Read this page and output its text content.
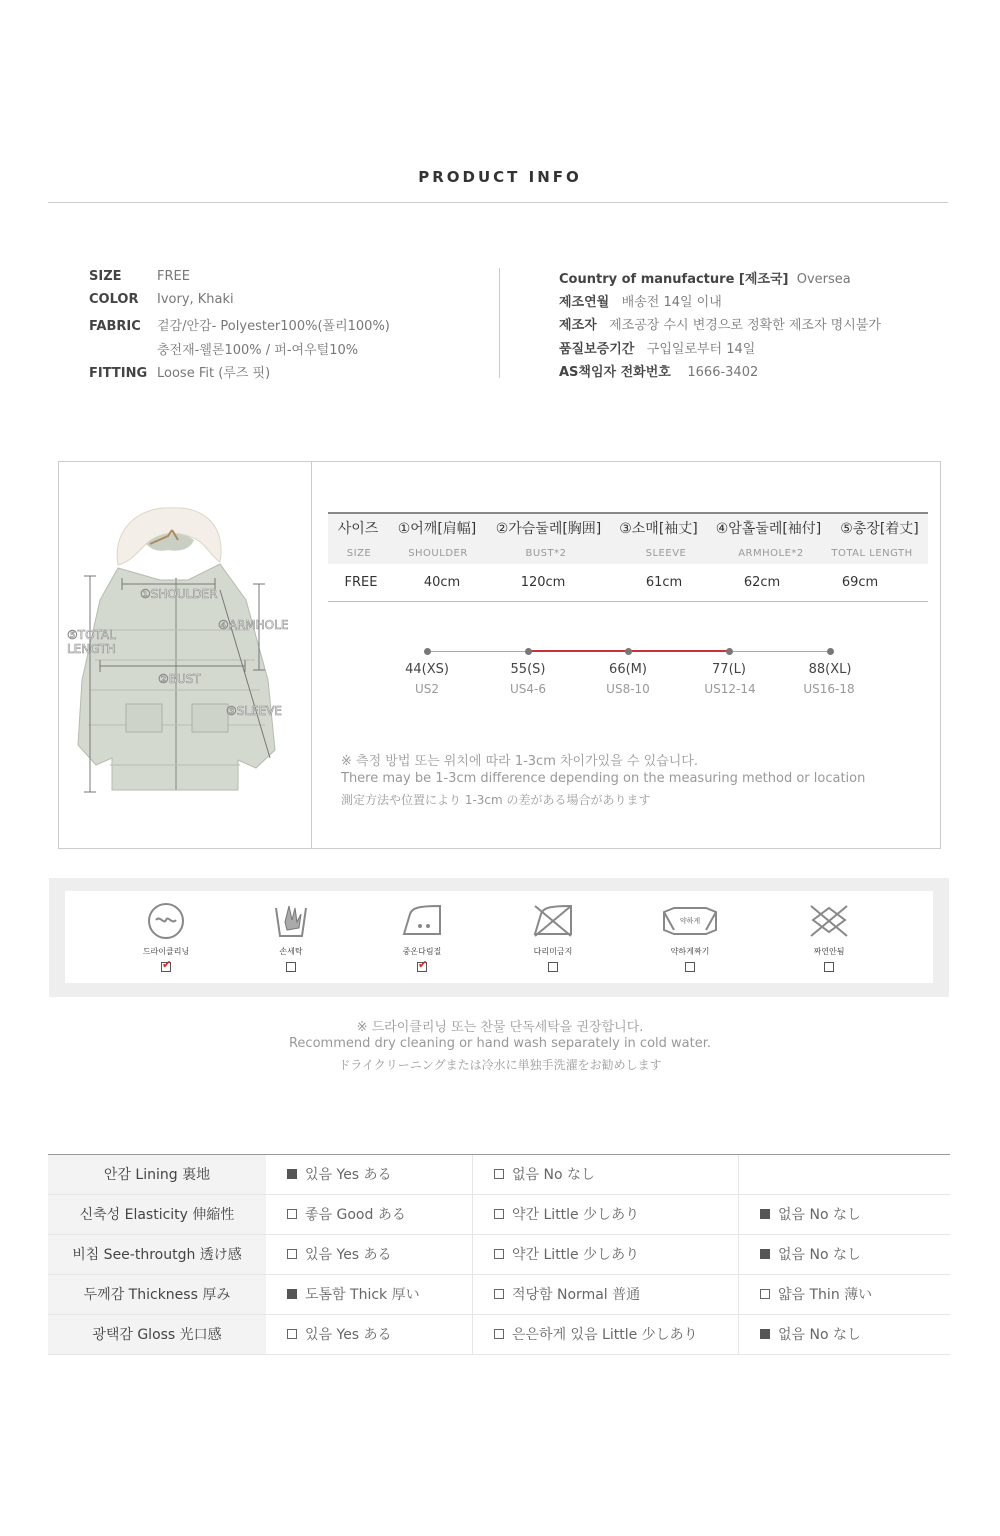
PRODUCT INFO
SIZE	FREE
COLOR Ivory, Khaki
FABRIC 겉감/안감- Polyester100%(폴리100%)
충전재-웰론100% / 퍼-여우털10%
FITTING Loose Fit (루즈 핏)
Country of manufacture [제조국] Oversea
제조연월 배송전 14일 이내
제조자 제조공장 수시 변경으로 정확한 제조자 명시불가
품질보증기간 구입일로부터 14일
AS책임자 전화번호 1666-3402
①SHOULDER
④ARMHOLE
⑤TOTAL
LENGTH
②BUST
③SLEEVE
사이즈	①어깨[肩幅]	②가슴둘레[胸囲]	③소매[袖丈]	④암홀둘레[袖付]	⑤총장[着丈]
SIZE	SHOULDER	BUST*2	SLEEVE	ARMHOLE*2	TOTAL LENGTH
FREE	40cm	120cm	61cm	62cm	69cm
44(XS)	55(S)	66(M)	77(L)	88(XL)
US2	US4-6	US8-10	US12-14	US16-18
※ 측정 방법 또는 위치에 따라 1-3cm 차이가있을 수 있습니다.
There may be 1-3cm difference depending on the measuring method or location
測定方法や位置により 1-3cm の差がある場合があります
드라이클리닝
✔	손세탁	중온다림질
✔	다리미금지
약하게
약하게짜기	짜연안됨
※ 드라이클리닝 또는 찬물 단독세탁을 권장합니다.
Recommend dry cleaning or hand wash separately in cold water.
ドライクリーニングまたは冷水に単独手洗濯をお勧めします
안감 Lining 裏地	있음 Yes ある	없음 No なし
신축성 Elasticity 伸縮性	좋음 Good ある	약간 Little 少しあり	없음 No なし
비침 See-throutgh 透け感	있음 Yes ある	약간 Little 少しあり	없음 No なし
두께감 Thickness 厚み	도톰함 Thick 厚い	적당함 Normal 普通	얇음 Thin 薄い
광택감 Gloss 光口感	있음 Yes ある	은은하게 있음 Little 少しあり	없음 No なし
